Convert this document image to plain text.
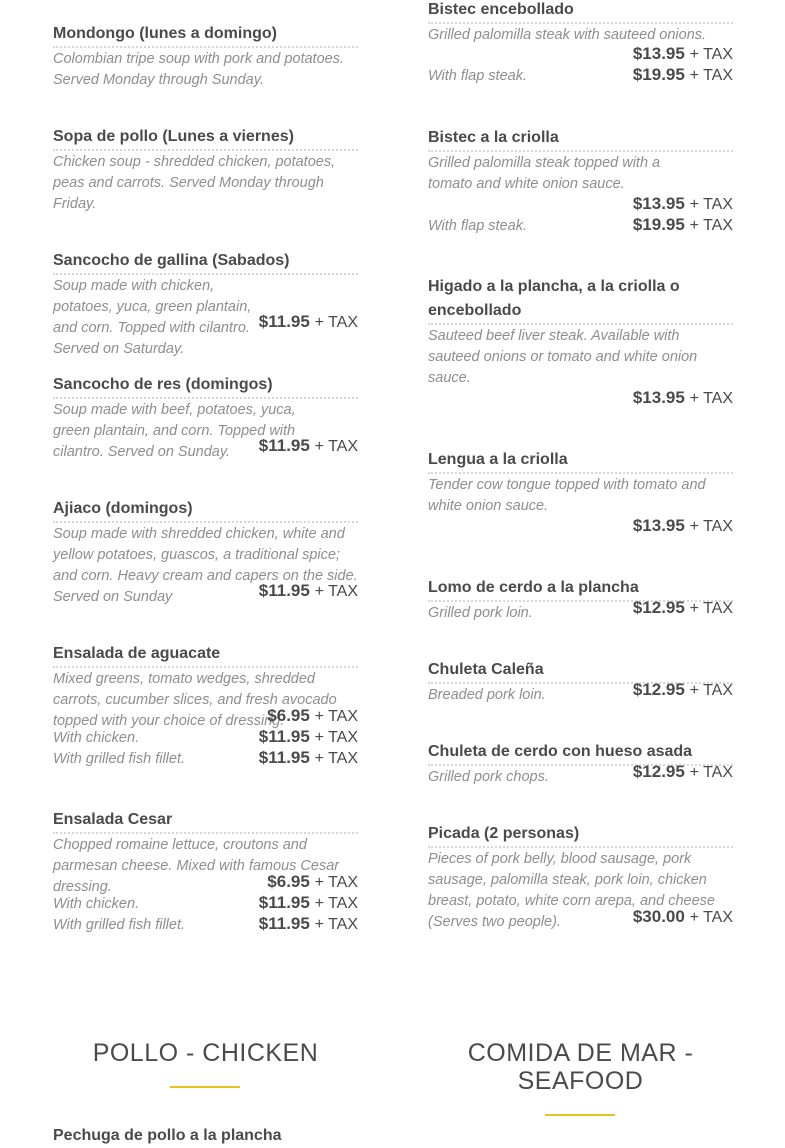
Mondongo (lunes a domingo)
Colombian tripe soup with pork and potatoes. Served Monday through Sunday.
Sopa de pollo (Lunes a viernes)
Chicken soup - shredded chicken, potatoes, peas and carrots. Served Monday through Friday.
Sancocho de gallina (Sabados)
Soup made with chicken, potatoes, yuca, green plantain, and corn. Topped with cilantro. Served on Saturday.
$11.95 + TAX
Sancocho de res (domingos)
Soup made with beef, potatoes, yuca, green plantain, and corn. Topped with cilantro. Served on Sunday.	$11.95 + TAX
Ajiaco (domingos)
Soup made with shredded chicken, white and yellow potatoes, guascos, a traditional spice; and corn. Heavy cream and capers on the side. Served on Sunday	$11.95 + TAX
Ensalada de aguacate
Mixed greens, tomato wedges, shredded carrots, cucumber slices, and fresh avocado topped with your choice of dressing.
$6.95 + TAX
With chicken.	$11.95 + TAX
With grilled fish fillet.	$11.95 + TAX
Ensalada Cesar
Chopped romaine lettuce, croutons and parmesan cheese. Mixed with famous Cesar dressing.	$6.95 + TAX
With chicken.	$11.95 + TAX
With grilled fish fillet.	$11.95 + TAX
Bistec encebollado
Grilled palomilla steak with sauteed onions.
$13.95 + TAX
With flap steak.	$19.95 + TAX
Bistec a la criolla
Grilled palomilla steak topped with a tomato and white onion sauce.
$13.95 + TAX
With flap steak.	$19.95 + TAX
Higado a la plancha, a la criolla o encebollado
Sauteed beef liver steak. Available with sauteed onions or tomato and white onion sauce.
$13.95 + TAX
Lengua a la criolla
Tender cow tongue topped with tomato and white onion sauce.
$13.95 + TAX
Lomo de cerdo a la plancha
Grilled pork loin.	$12.95 + TAX
Chuleta Caleña
Breaded pork loin.	$12.95 + TAX
Chuleta de cerdo con hueso asada
Grilled pork chops.	$12.95 + TAX
Picada (2 personas)
Pieces of pork belly, blood sausage, pork sausage, palomilla steak, pork loin, chicken breast, potato, white corn arepa, and cheese (Serves two people).	$30.00 + TAX
POLLO - CHICKEN	COMIDA DE MAR -
SEAFOOD
Pechuga de pollo a la plancha
